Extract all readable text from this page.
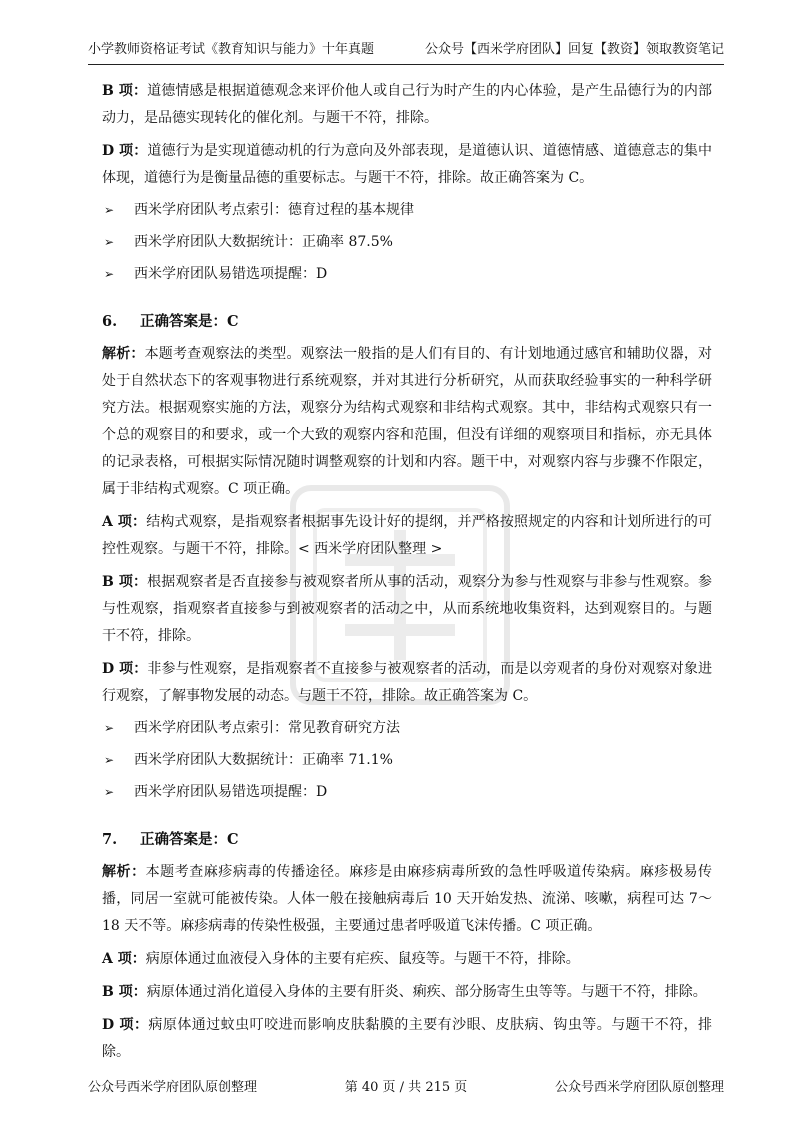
小学教师资格证考试《教育知识与能力》十年真题	公众号【西米学府团队】回复【教资】领取教资笔记

B 项：道德情感是根据道德观念来评价他人或自己行为时产生的内心体验，是产生品德行为的内部动力，是品德实现转化的催化剂。与题干不符，排除。

D 项：道德行为是实现道德动机的行为意向及外部表现，是道德认识、道德情感、道德意志的集中体现，道德行为是衡量品德的重要标志。与题干不符，排除。故正确答案为 C。

➢ 西米学府团队考点索引：德育过程的基本规律
➢ 西米学府团队大数据统计：正确率 87.5%
➢ 西米学府团队易错选项提醒：D
6. 正确答案是：C

解析：本题考查观察法的类型。观察法一般指的是人们有目的、有计划地通过感官和辅助仪器，对处于自然状态下的客观事物进行系统观察，并对其进行分析研究，从而获取经验事实的一种科学研究方法。根据观察实施的方法，观察分为结构式观察和非结构式观察。其中，非结构式观察只有一个总的观察目的和要求，或一个大致的观察内容和范围，但没有详细的观察项目和指标，亦无具体的记录表格，可根据实际情况随时调整观察的计划和内容。题干中，对观察内容与步骤不作限定，属于非结构式观察。C 项正确。

A 项：结构式观察，是指观察者根据事先设计好的提纲，并严格按照规定的内容和计划所进行的可控性观察。与题干不符，排除。< 西米学府团队整理 >

B 项：根据观察者是否直接参与被观察者所从事的活动，观察分为参与性观察与非参与性观察。参与性观察，指观察者直接参与到被观察者的活动之中，从而系统地收集资料，达到观察目的。与题干不符，排除。

D 项：非参与性观察，是指观察者不直接参与被观察者的活动，而是以旁观者的身份对观察对象进行观察，了解事物发展的动态。与题干不符，排除。故正确答案为 C。

➢ 西米学府团队考点索引：常见教育研究方法
➢ 西米学府团队大数据统计：正确率 71.1%
➢ 西米学府团队易错选项提醒：D
7. 正确答案是：C

解析：本题考查麻疹病毒的传播途径。麻疹是由麻疹病毒所致的急性呼吸道传染病。麻疹极易传播，同居一室就可能被传染。人体一般在接触病毒后 10 天开始发热、流涕、咳嗽，病程可达 7～18 天不等。麻疹病毒的传染性极强，主要通过患者呼吸道飞沫传播。C 项正确。

A 项：病原体通过血液侵入身体的主要有疟疾、鼠疫等。与题干不符，排除。

B 项：病原体通过消化道侵入身体的主要有肝炎、痢疾、部分肠寄生虫等等。与题干不符，排除。

D 项：病原体通过蚊虫叮咬进而影响皮肤黏膜的主要有沙眼、皮肤病、钩虫等。与题干不符，排除。

公众号西米学府团队原创整理	第 40 页 / 共 215 页	公众号西米学府团队原创整理
